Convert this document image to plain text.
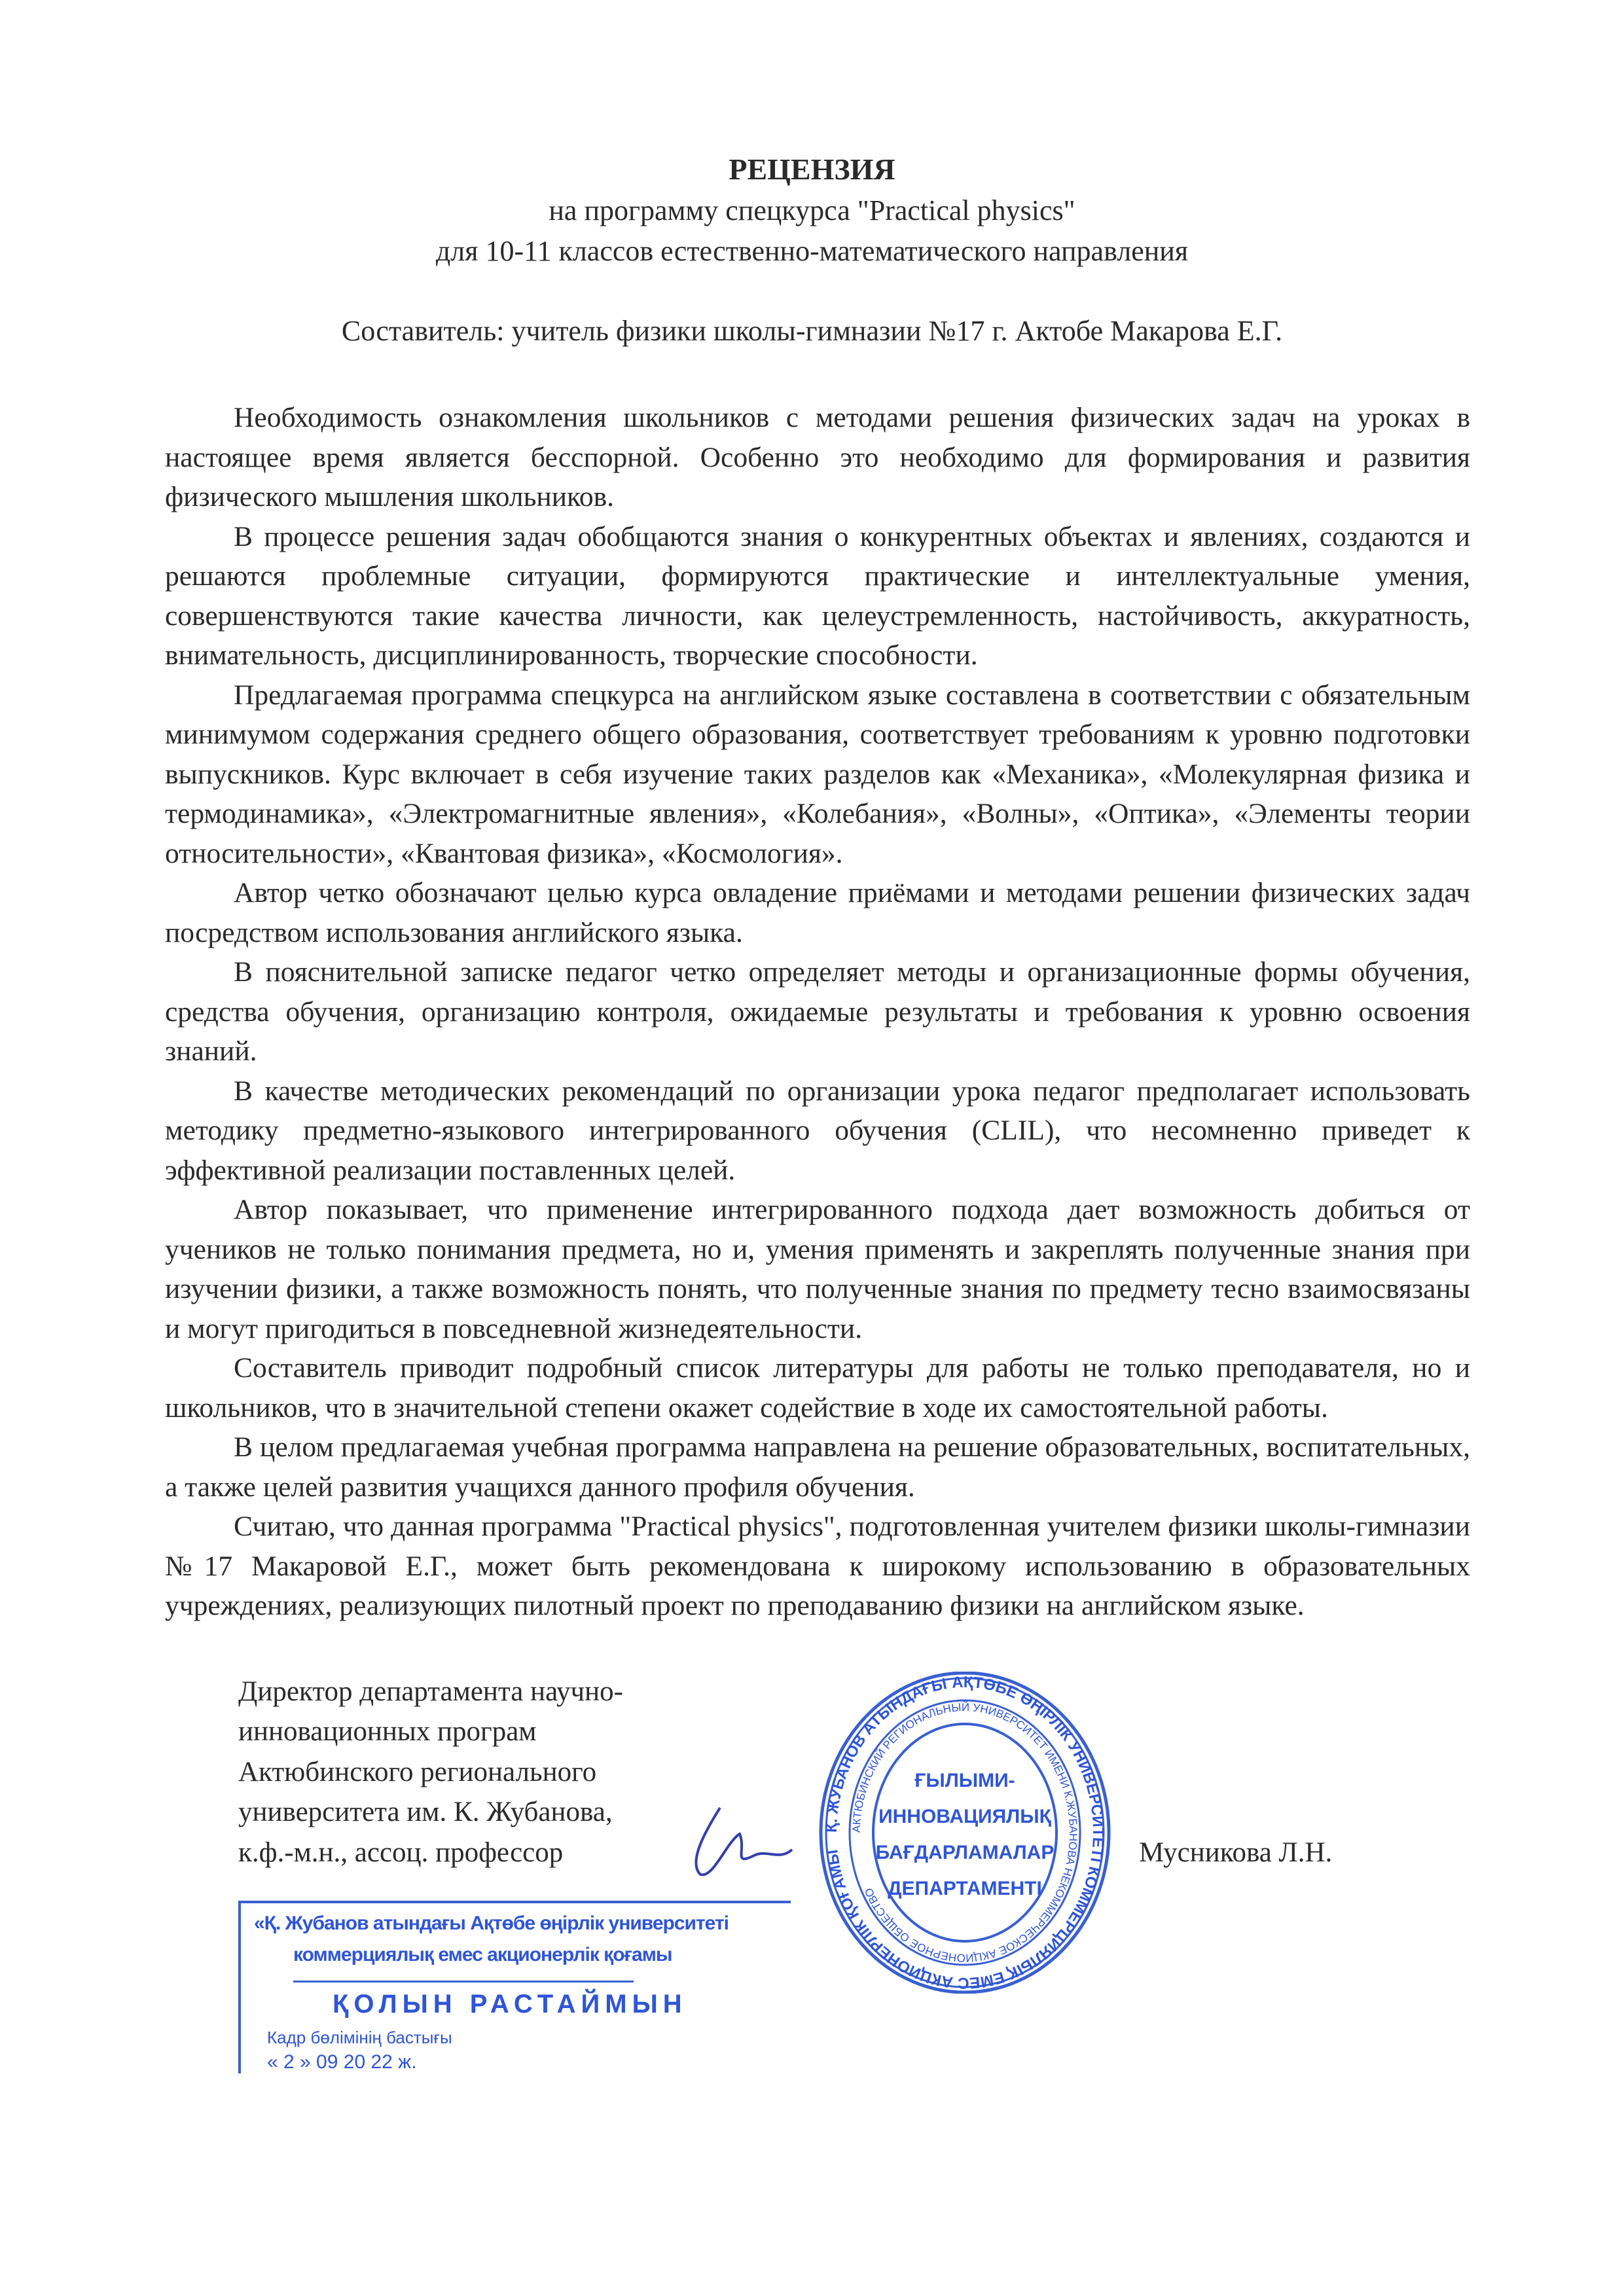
РЕЦЕНЗИЯ
на программу спецкурса "Practical physics"
для 10-11 классов естественно-математического направления
Составитель: учитель физики школы-гимназии №17 г. Актобе Макарова Е.Г.

Необходимость ознакомления школьников с методами решения физических задач на уроках в настоящее время является бесспорной. Особенно это необходимо для формирования и развития физического мышления школьников.

В процессе решения задач обобщаются знания о конкурентных объектах и явлениях, создаются и решаются проблемные ситуации, формируются практические и интеллектуальные умения, совершенствуются такие качества личности, как целеустремленность, настойчивость, аккуратность, внимательность, дисциплинированность, творческие способности.

Предлагаемая программа спецкурса на английском языке составлена в соответствии с обязательным минимумом содержания среднего общего образования, соответствует требованиям к уровню подготовки выпускников. Курс включает в себя изучение таких разделов как «Механика», «Молекулярная физика и термодинамика», «Электромагнитные явления», «Колебания», «Волны», «Оптика», «Элементы теории относительности», «Квантовая физика», «Космология».

Автор четко обозначают целью курса овладение приёмами и методами решении физических задач посредством использования английского языка.

В пояснительной записке педагог четко определяет методы и организационные формы обучения, средства обучения, организацию контроля, ожидаемые результаты и требования к уровню освоения знаний.

В качестве методических рекомендаций по организации урока педагог предполагает использовать методику предметно-языкового интегрированного обучения (CLIL), что несомненно приведет к эффективной реализации поставленных целей.

Автор показывает, что применение интегрированного подхода дает возможность добиться от учеников не только понимания предмета, но и, умения применять и закреплять полученные знания при изучении физики, а также возможность понять, что полученные знания по предмету тесно взаимосвязаны и могут пригодиться в повседневной жизнедеятельности.

Составитель приводит подробный список литературы для работы не только преподавателя, но и школьников, что в значительной степени окажет содействие в ходе их самостоятельной работы.

В целом предлагаемая учебная программа направлена на решение образовательных, воспитательных, а также целей развития учащихся данного профиля обучения.

Считаю, что данная программа "Practical physics", подготовленная учителем физики школы-гимназии №17 Макаровой Е.Г., может быть рекомендована к широкому использованию в образовательных учреждениях, реализующих пилотный проект по преподаванию физики на английском языке.

Директор департамента научно-
инновационных програм
Актюбинского регионального
университета им. К. Жубанова,
к.ф.-м.н., ассоц. профессор
Қ. ЖУБАНОВ АТЫНДАҒЫ АҚТӨБЕ ӨҢІРЛІК УНИВЕРСИТЕТІ КОММЕРЦИЯЛЫҚ ЕМЕС АКЦИОНЕРЛІК ҚОҒАМЫ
АКТЮБИНСКИЙ РЕГИОНАЛЬНЫЙ УНИВЕРСИТЕТ ИМЕНИ К.ЖУБАНОВА НЕКОММЕРЧЕСКОЕ АКЦИОНЕРНОЕ ОБЩЕСТВО
ҒЫЛЫМИ-
ИННОВАЦИЯЛЫҚ
БАҒДАРЛАМАЛАР
ДЕПАРТАМЕНТІ
Мусникова Л.Н.
«Қ. Жубанов атындағы Ақтөбе өңірлік университеті
коммерциялық емес акционерлік қоғамы
ҚОЛЫН РАСТАЙМЫН
Кадр бөлімінің бастығы
« 2 » 09 20 22 ж.
